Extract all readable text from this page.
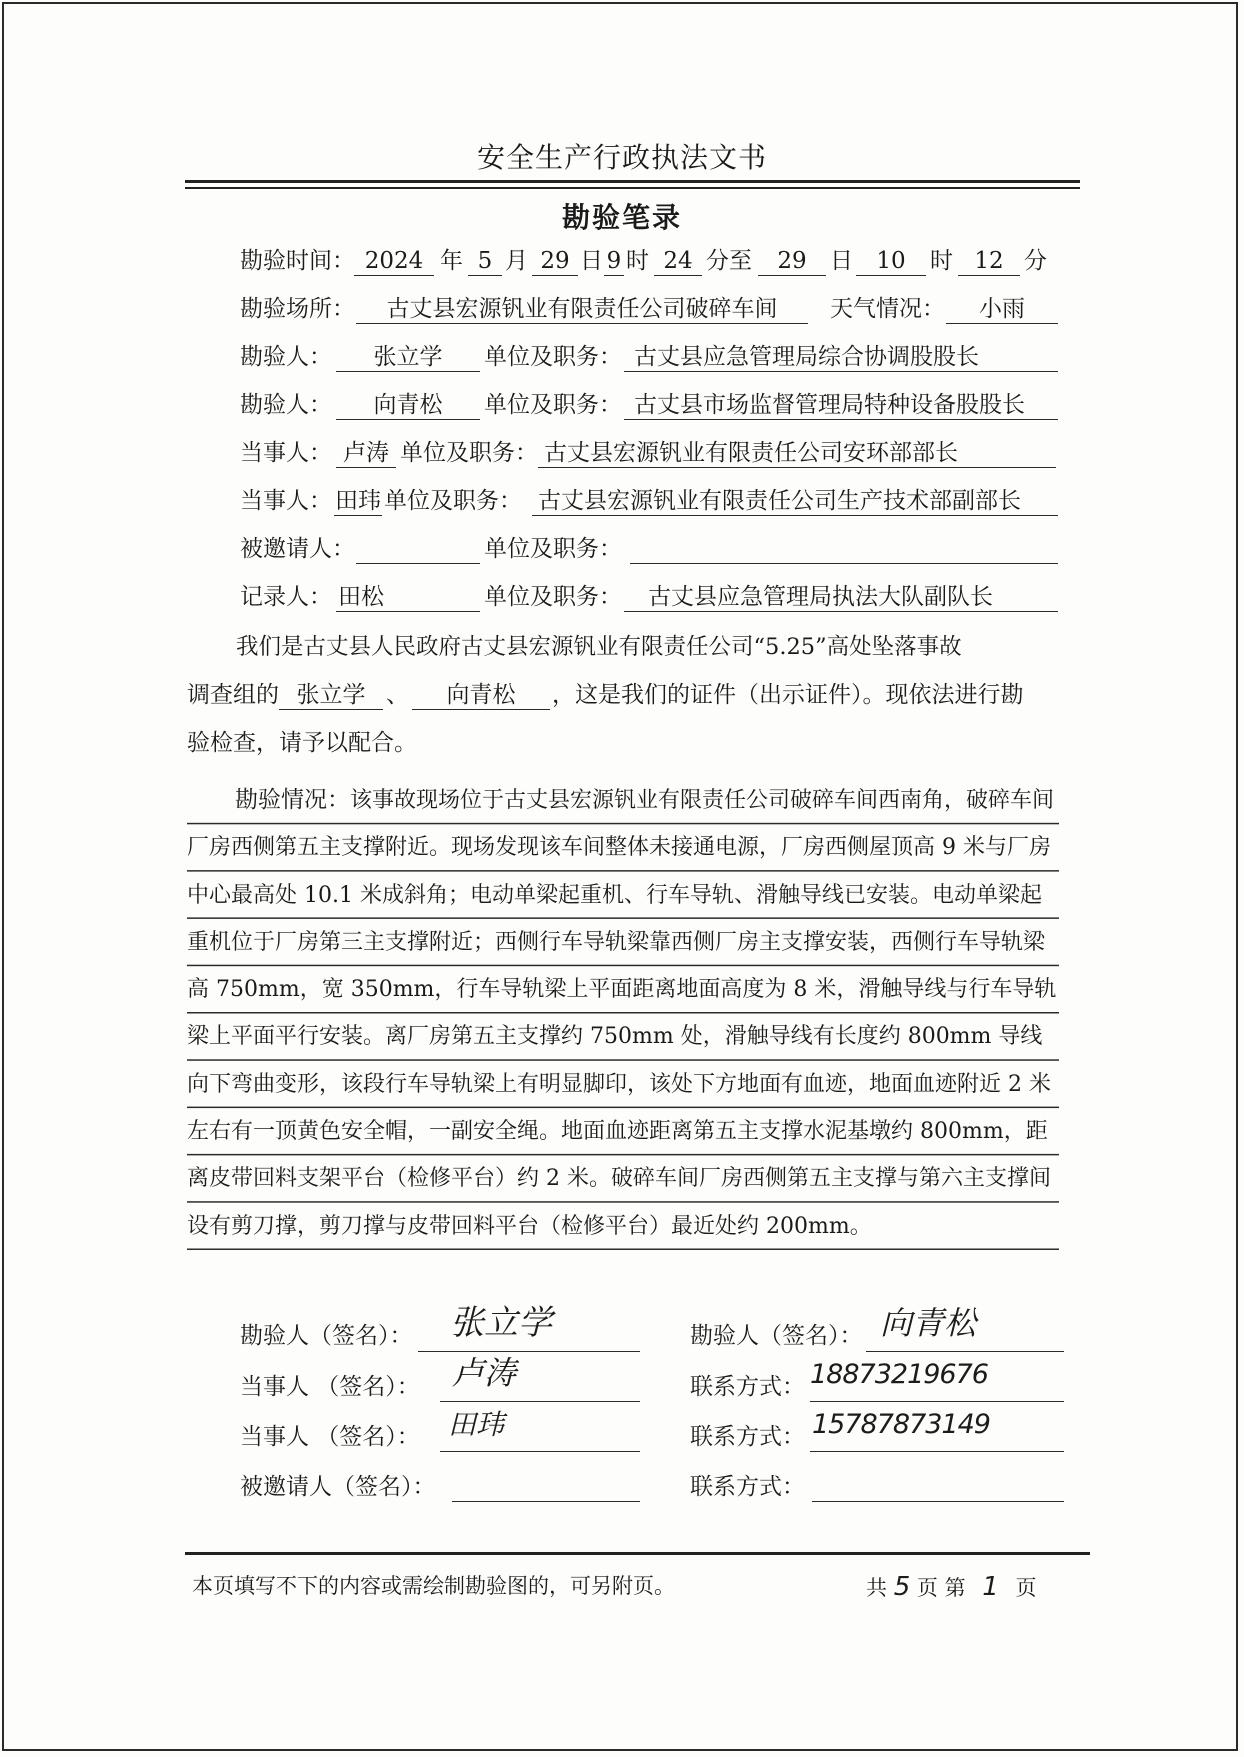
安全生产行政执法文书
勘验笔录
勘验时间： 2024 年 5 月 29 日 9 时 24 分至	29	日	10	时 12 分
勘验场所：	古丈县宏源钒业有限责任公司破碎车间	天气情况：	小雨
勘验人：	张立学	单位及职务： 古丈县应急管理局综合协调股股长
勘验人：	向青松	单位及职务： 古丈县市场监督管理局特种设备股股长
当事人： 卢涛 单位及职务： 古丈县宏源钒业有限责任公司安环部部长
当事人： 田玮 单位及职务： 古丈县宏源钒业有限责任公司生产技术部副部长
被邀请人：	单位及职务：
记录人： 田松	单位及职务：	古丈县应急管理局执法大队副队长
我们是古丈县人民政府古丈县宏源钒业有限责任公司“5.25”高处坠落事故
调查组的 张立学 、	向青松	，这是我们的证件（出示证件）。现依法进行勘
验检查，请予以配合。
勘验情况：该事故现场位于古丈县宏源钒业有限责任公司破碎车间西南角，破碎车间厂房西侧第五主支撑附近。现场发现该车间整体未接通电源，厂房西侧屋顶高 9 米与厂房中心最高处 10.1 米成斜角；电动单梁起重机、行车导轨、滑触导线已安装。电动单梁起重机位于厂房第三主支撑附近；西侧行车导轨梁靠西侧厂房主支撑安装，西侧行车导轨梁高 750mm，宽 350mm，行车导轨梁上平面距离地面高度为 8 米，滑触导线与行车导轨梁上平面平行安装。离厂房第五主支撑约 750mm 处，滑触导线有长度约 800mm 导线向下弯曲变形，该段行车导轨梁上有明显脚印，该处下方地面有血迹，地面血迹附近 2 米左右有一顶黄色安全帽，一副安全绳。地面血迹距离第五主支撑水泥基墩约 800mm，距离皮带回料支架平台（检修平台）约 2 米。破碎车间厂房西侧第五主支撑与第六主支撑间设有剪刀撑，剪刀撑与皮带回料平台（检修平台）最近处约 200mm。
勘验人（签名）： 张立学	勘验人（签名）： 向青松
当事人 （签名）： 卢涛	联系方式： 18873219676
当事人 （签名）： 田玮	联系方式： 15787873149
被邀请人（签名）：	联系方式：
本页填写不下的内容或需绘制勘验图的，可另附页。	共 5 页 第 1 页
